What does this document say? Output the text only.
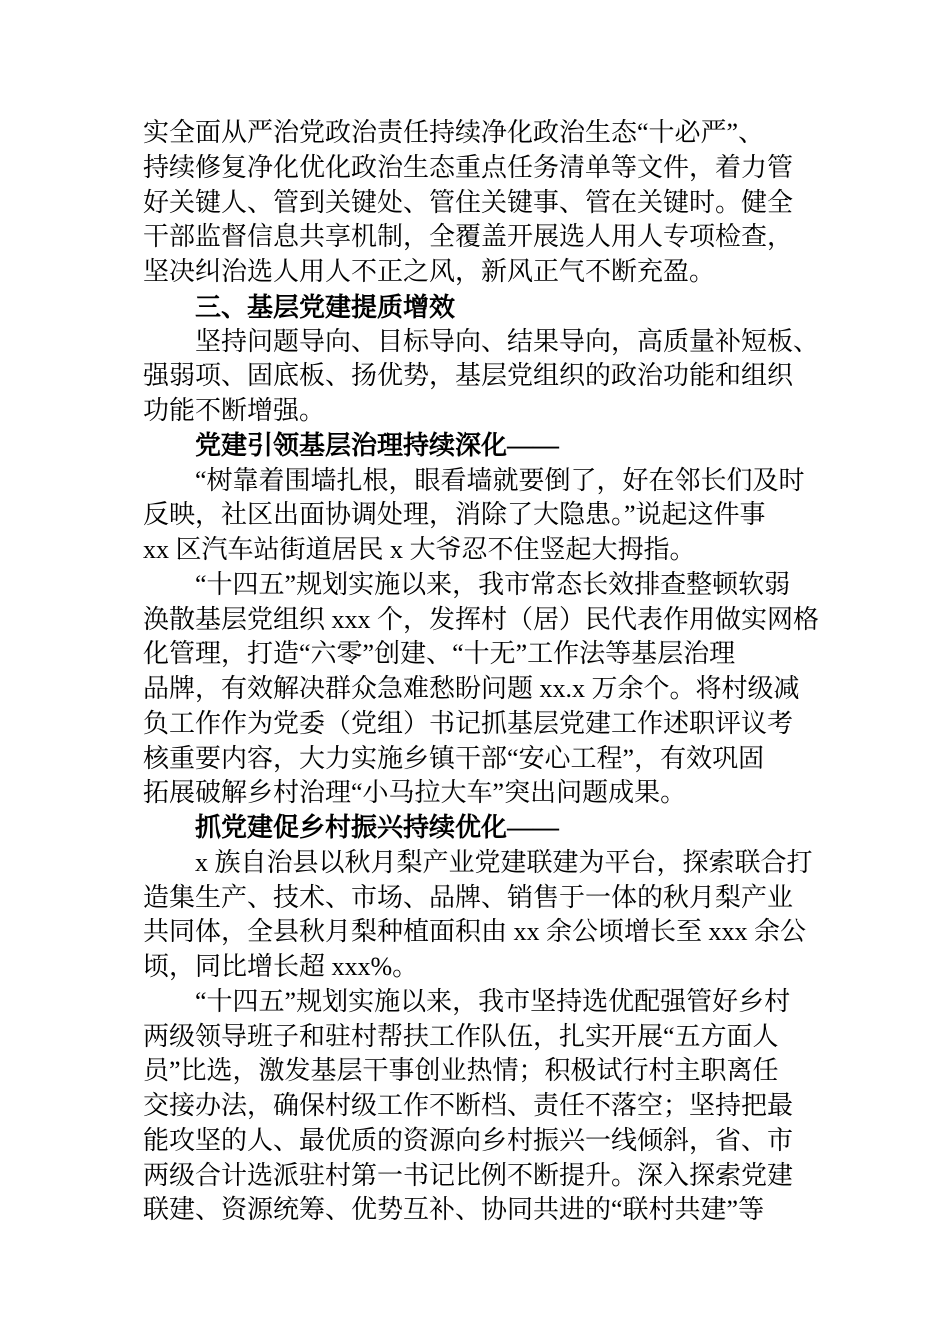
实全面从严治党政治责任持续净化政治生态“十必严”、
持续修复净化优化政治生态重点任务清单等文件，着力管
好关键人、管到关键处、管住关键事、管在关键时。健全
干部监督信息共享机制，全覆盖开展选人用人专项检查，
坚决纠治选人用人不正之风，新风正气不断充盈。
三、基层党建提质增效
坚持问题导向、目标导向、结果导向，高质量补短板、
强弱项、固底板、扬优势，基层党组织的政治功能和组织
功能不断增强。
党建引领基层治理持续深化——
“树靠着围墙扎根，眼看墙就要倒了，好在邻长们及时
反映，社区出面协调处理，消除了大隐患。”说起这件事
xx 区汽车站街道居民 x 大爷忍不住竖起大拇指。
“十四五”规划实施以来，我市常态长效排查整顿软弱
涣散基层党组织 xxx 个，发挥村（居）民代表作用做实网格
化管理，打造“六零”创建、“十无”工作法等基层治理
品牌，有效解决群众急难愁盼问题 xx.x 万余个。将村级减
负工作作为党委（党组）书记抓基层党建工作述职评议考
核重要内容，大力实施乡镇干部“安心工程”，有效巩固
拓展破解乡村治理“小马拉大车”突出问题成果。
抓党建促乡村振兴持续优化——
x 族自治县以秋月梨产业党建联建为平台，探索联合打
造集生产、技术、市场、品牌、销售于一体的秋月梨产业
共同体，全县秋月梨种植面积由 xx 余公顷增长至 xxx 余公
顷，同比增长超 xxx%。
“十四五”规划实施以来，我市坚持选优配强管好乡村
两级领导班子和驻村帮扶工作队伍，扎实开展“五方面人
员”比选，激发基层干事创业热情；积极试行村主职离任
交接办法，确保村级工作不断档、责任不落空；坚持把最
能攻坚的人、最优质的资源向乡村振兴一线倾斜，省、市
两级合计选派驻村第一书记比例不断提升。深入探索党建
联建、资源统筹、优势互补、协同共进的“联村共建”等
